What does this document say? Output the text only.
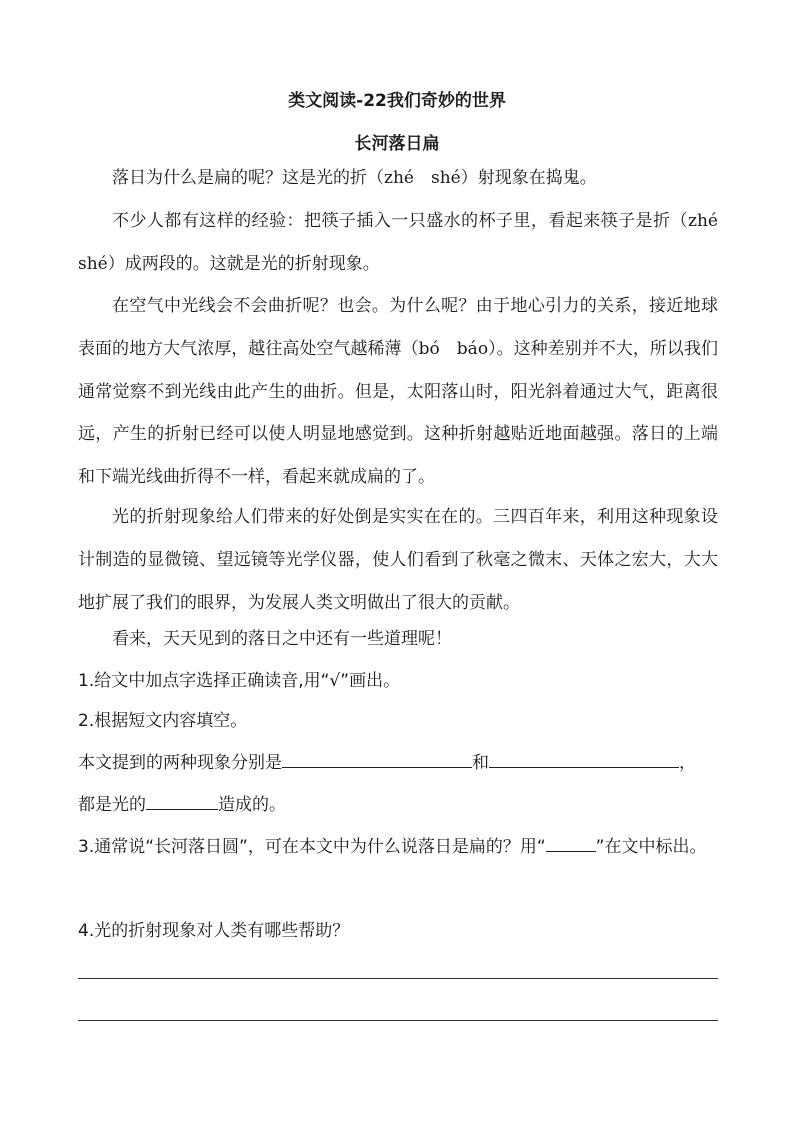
类文阅读-22我们奇妙的世界
长河落日扁
落日为什么是扁的呢？这是光的折（zhé　shé）射现象在捣鬼。
不少人都有这样的经验：把筷子插入一只盛水的杯子里，看起来筷子是折（zhé　shé）成两段的。这就是光的折射现象。
在空气中光线会不会曲折呢？也会。为什么呢？由于地心引力的关系，接近地球表面的地方大气浓厚，越往高处空气越稀薄（bó　báo）。这种差别并不大，所以我们通常觉察不到光线由此产生的曲折。但是，太阳落山时，阳光斜着通过大气，距离很远，产生的折射已经可以使人明显地感觉到。这种折射越贴近地面越强。落日的上端和下端光线曲折得不一样，看起来就成扁的了。
光的折射现象给人们带来的好处倒是实实在在的。三四百年来，利用这种现象设计制造的显微镜、望远镜等光学仪器，使人们看到了秋毫之微末、天体之宏大，大大地扩展了我们的眼界，为发展人类文明做出了很大的贡献。
看来，天天见到的落日之中还有一些道理呢！
1.给文中加点字选择正确读音,用“√”画出。
2.根据短文内容填空。
本文提到的两种现象分别是	和	，
都是光的	造成的。
3.通常说“长河落日圆”，可在本文中为什么说落日是扁的？用“	”在文中标出。
4.光的折射现象对人类有哪些帮助？
